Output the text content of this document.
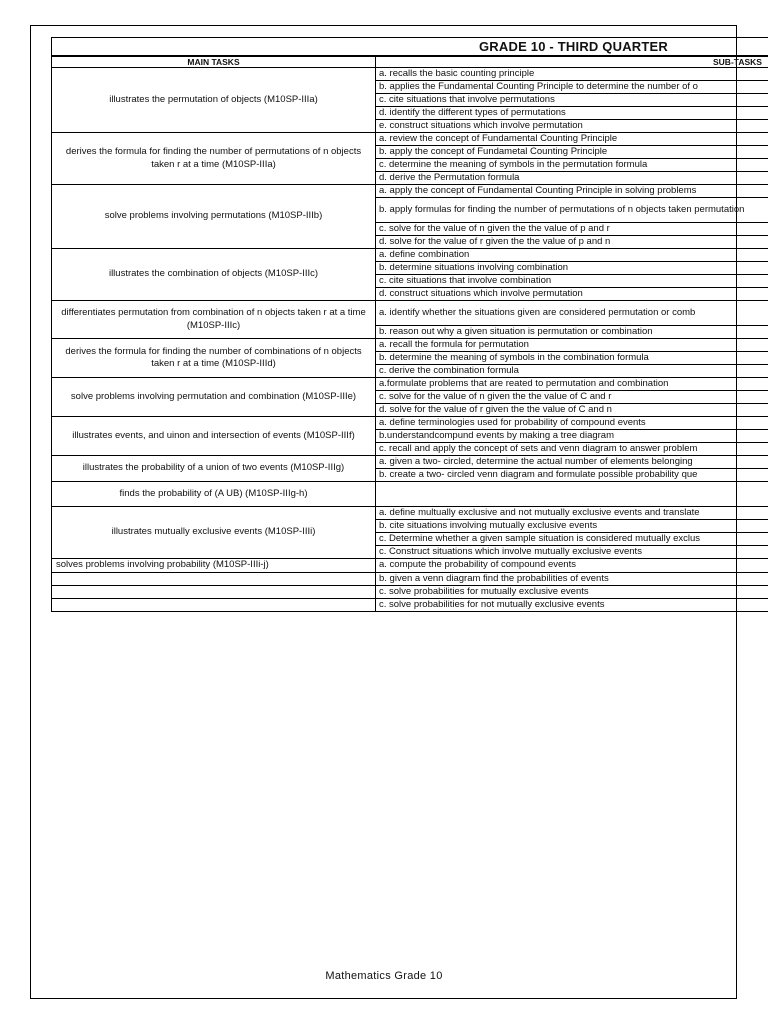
GRADE 10 - THIRD QUARTER
MAIN TASKS	SUB-TASKS
illustrates the permutation of objects (M10SP-IIIa)	a. recalls the basic counting principle
	b. applies the Fundamental Counting Principle to determine the number of o
	c. cite situations that involve permutations
	d. identify the different types of permutations
	e. construct situations which involve permutation
derives the formula for finding the number of permutations of n objects taken r at a time (M10SP-IIIa)	a. review the concept of Fundamental Counting Principle
	b. apply the concept of Fundametal Counting Principle
	c. determine the meaning of symbols in the permutation formula
	d. derive the Permutation formula
solve problems involving permutations (M10SP-IIIb)	a. apply the concept of Fundamental Counting Principle in solving problems
	b. apply formulas for finding the number of permutations of n objects taken permutation
	c. solve for the value of n given the the value of p and r
	d. solve for the value of r given the the value of p and n
illustrates the combination of objects (M10SP-IIIc)	a. define combination
	b. determine situations involving combination
	c. cite situations that involve combination
	d. construct situations which involve permutation
differentiates permutation from combination of n objects taken r at a time (M10SP-IIIc)	a. identify whether the situations given are considered permutation or comb
	b. reason out why a given situation is permutation or combination
derives the formula for finding the number of combinations of n objects taken r at a time (M10SP-IIId)	a. recall the formula for permutation
	b. determine the meaning of symbols in the combination formula
	c. derive the combination formula
solve problems involving permutation and combination (M10SP-IIIe)	a.formulate problems that are reated to permutation and combination
	c. solve for the value of n given the the value of C and r
	d. solve for the value of r given the the value of C and n
illustrates events, and uinon and intersection of events (M10SP-IIIf)	a. define terminologies used for probability of compound events
	b.understandcompund events by making a tree diagram
	c. recall and apply the concept of sets and venn diagram to answer problem
illustrates the probability of a union of two events (M10SP-IIIg)	a. given a two- circled, determine the actual number of elements belonging
	b. create a two- circled venn diagram and formulate possible probability que
finds the probability of (A UB) (M10SP-IIIg-h)	
illustrates mutually exclusive events (M10SP-IIIi)	a. define multually exclusive and not mutually exclusive events and translate
	b. cite situations involving mutually exclusive events
	c. Determine whether a given sample situation is considered mutually exclus
	c. Construct situations which involve mutually exclusive events
solves problems involving probability (M10SP-IIIi-j)	a. compute the probability of compound events
	b. given a venn diagram find the probabilities of events
	c. solve probabilities for mutually exclusive events
	c. solve probabilities for not mutually exclusive events
Mathematics Grade 10
